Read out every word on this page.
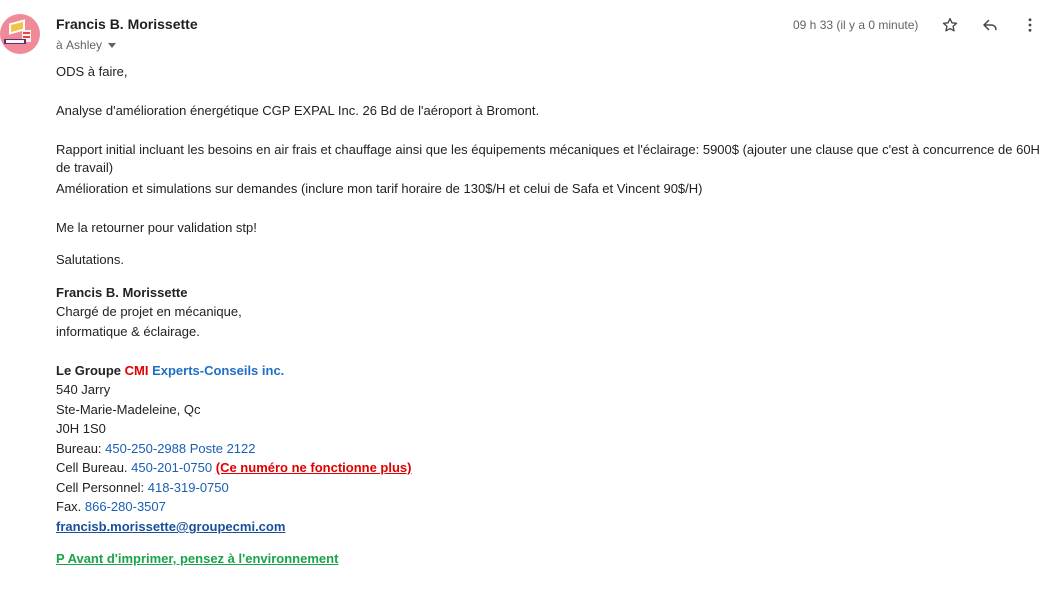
Francis B. Morissette
à
Ashley
09 h 33 (il y a 0 minute)
ODS à faire,
Analyse d'amélioration énergétique CGP EXPAL Inc. 26 Bd de l'aéroport à Bromont.
Rapport initial incluant les besoins en air frais et chauffage ainsi que les équipements mécaniques et l'éclairage: 5900$ (ajouter une clause que c'est à concurrence de 60H de travail)
Amélioration et simulations sur demandes (inclure mon tarif horaire de 130$/H et celui de Safa et Vincent 90$/H)
Me la retourner pour validation stp!
Salutations.
Francis B. Morissette
Chargé de projet en mécanique,
informatique & éclairage.
Le Groupe CMI Experts-Conseils inc.
540 Jarry
Ste-Marie-Madeleine, Qc
J0H 1S0
Bureau: 450-250-2988 Poste 2122
Cell Bureau. 450-201-0750 (Ce numéro ne fonctionne plus)
Cell Personnel: 418-319-0750
Fax. 866-280-3507
francisb.morissette@groupecmi.com
P Avant d'imprimer, pensez à l'environnement
